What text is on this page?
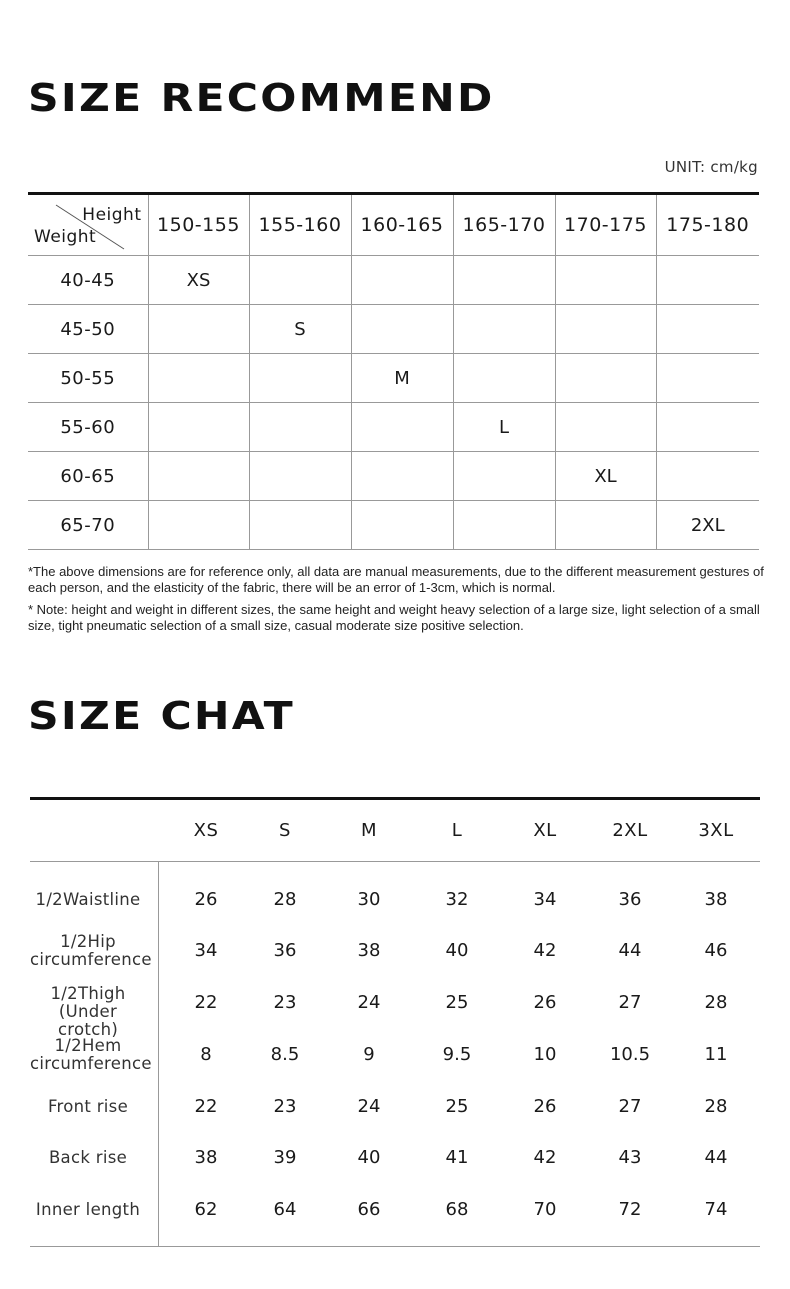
SIZE RECOMMEND
UNIT: cm/kg
Height
Weight	150-155	155-160	160-165	165-170	170-175	175-180
40-45	XS					
45-50		S				
50-55			M			
55-60				L		
60-65					XL	
65-70						2XL
*The above dimensions are for reference only, all data are manual measurements, due to the different measurement gestures of each person, and the elasticity of the fabric, there will be an error of 1-3cm, which is normal.
* Note: height and weight in different sizes, the same height and weight heavy selection of a large size, light selection of a small size, tight pneumatic selection of a small size, casual moderate size positive selection.
SIZE CHAT
XS	S	M	L	XL	2XL	3XL
1/2Waistline	26	28	30	32	34	36	38
1/2Hip
circumference	34	36	38	40	42	44	46
1/2Thigh
(Under crotch)
22	23	24	25	26	27	28
1/2Hem
circumference	8	8.5	9	9.5	10	10.5	11
Front rise	22	23	24	25	26	27	28
Back rise	38	39	40	41	42	43	44
Inner length	62	64	66	68	70	72	74
